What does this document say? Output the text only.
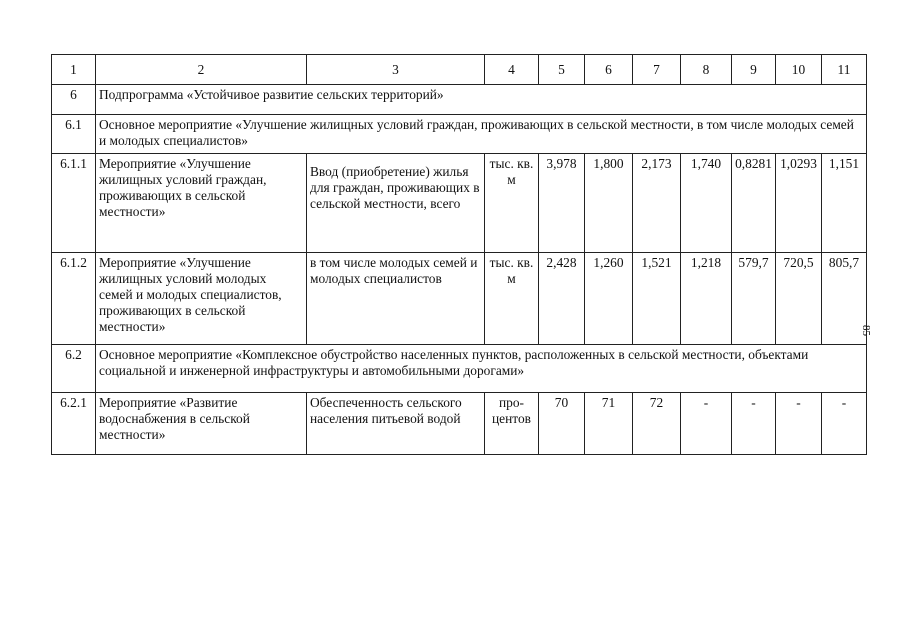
1	2	3	4	5	6	7	8	9	10	11
6	Подпрограмма «Устойчивое развитие сельских территорий»									
6.1	Основное мероприятие «Улучшение жилищных условий граждан, проживающих в сельской местности, в том числе молодых семей и молодых специалистов»									
6.1.1	Мероприятие «Улучшение жилищных условий граждан, проживающих в сельской местности»	Ввод (приобретение) жилья для граждан, проживающих в сельской местности, всего	тыс. кв. м	3,978	1,800	2,173	1,740	0,8281	1,0293	1,151
6.1.2	Мероприятие «Улучшение жилищных условий молодых семей и молодых специалистов, проживающих в сельской местности»	в том числе молодых семей и молодых специалистов	тыс. кв. м	2,428	1,260	1,521	1,218	579,7	720,5	805,7
6.2	Основное мероприятие «Комплексное обустройство населенных пунктов, расположенных в сельской местности, объектами социальной и инженерной инфраструктуры и автомобильными дорогами»									
6.2.1	Мероприятие «Развитие водоснабжения в сельской местности»	Обеспеченность сельского населения питьевой водой	про-центов	70	71	72	-	-	-	-
85
